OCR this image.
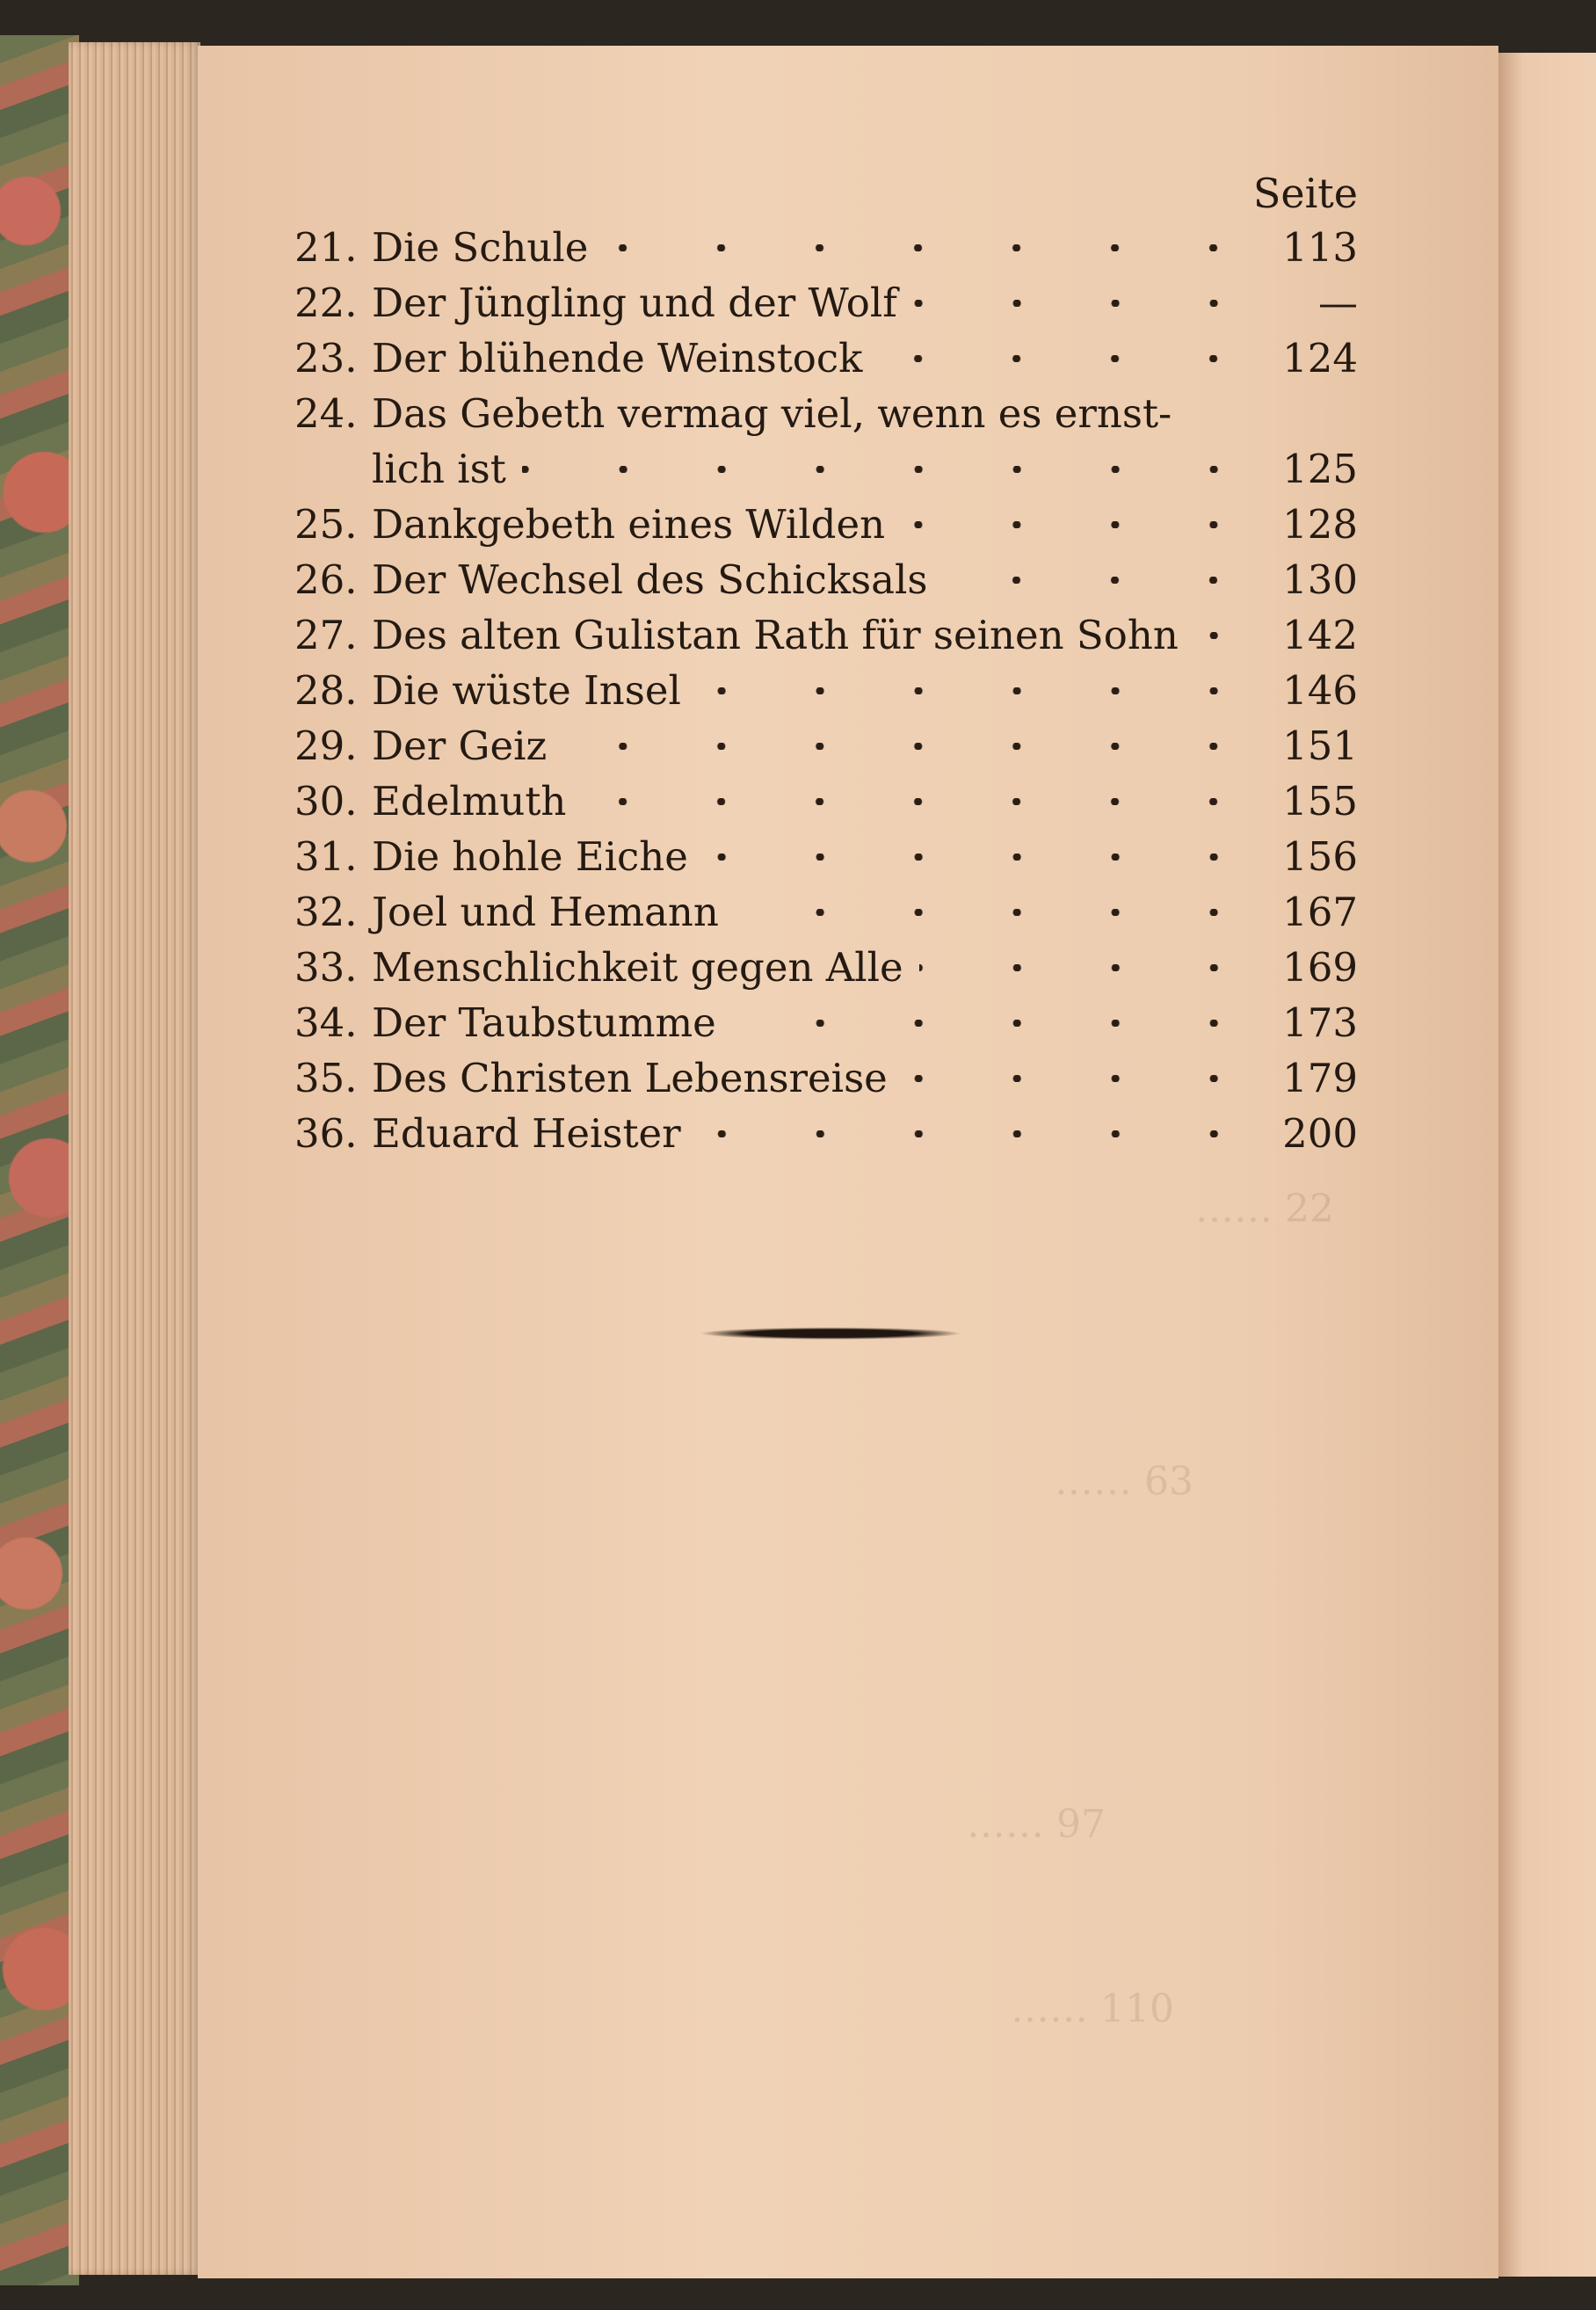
…… 22
…… 63
…… 97
…… 110
Seite
21. Die Schule	113
22. Der Jüngling und der Wolf	—
23. Der blühende Weinstock	124
24. Das Gebeth vermag viel, wenn es ernst-
lich ist	125
25. Dankgebeth eines Wilden	128
26. Der Wechsel des Schicksals	130
27. Des alten Gulistan Rath für seinen Sohn	142
28. Die wüste Insel	146
29. Der Geiz	151
30. Edelmuth	155
31. Die hohle Eiche	156
32. Joel und Hemann	167
33. Menschlichkeit gegen Alle	169
34. Der Taubstumme	173
35. Des Christen Lebensreise	179
36. Eduard Heister	200
